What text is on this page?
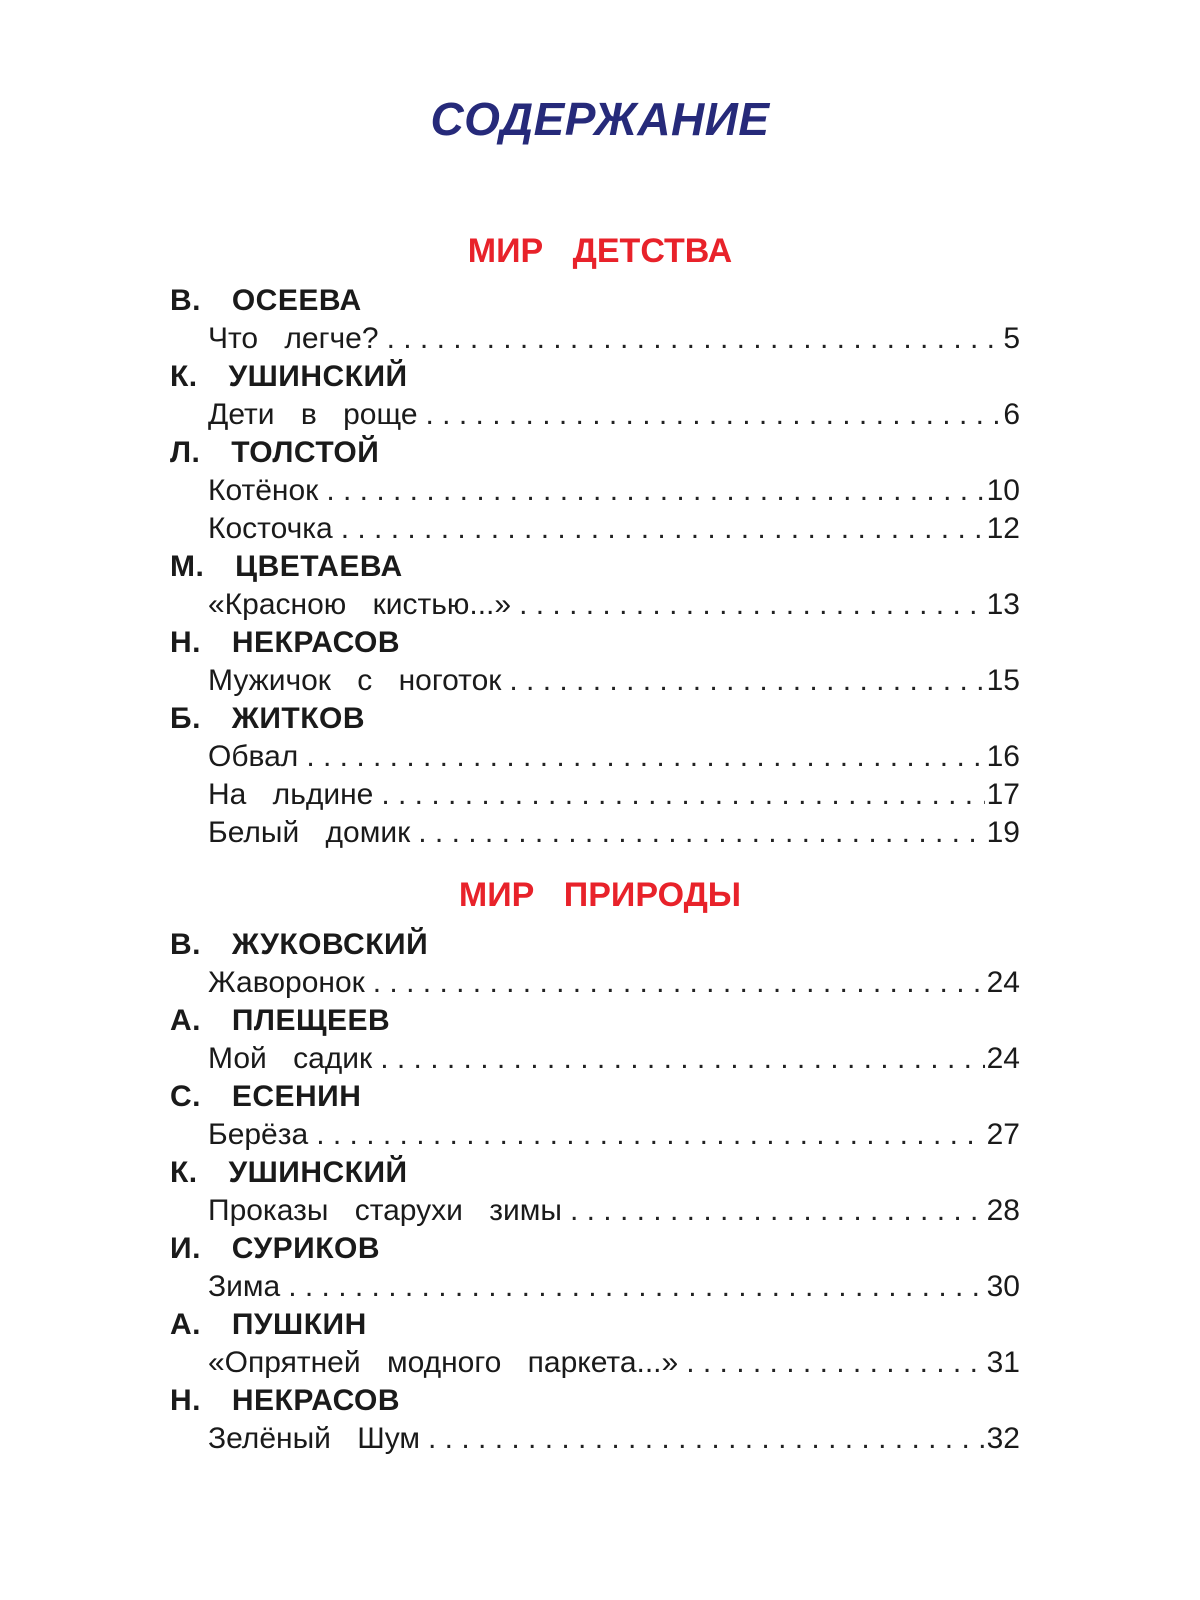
СОДЕРЖАНИЕ
МИР ДЕТСТВА
В. ОСЕЕВА
Что легче? . . .	5
К. УШИНСКИЙ
Дети в роще . . .	6
Л. ТОЛСТОЙ
Котёнок . . .	10
Косточка . . .	12
М. ЦВЕТАЕВА
«Красною кистью...» . . .	13
Н. НЕКРАСОВ
Мужичок с ноготок . . .	15
Б. ЖИТКОВ
Обвал . . .	16
На льдине . . .	17
Белый домик . . .	19
МИР ПРИРОДЫ
В. ЖУКОВСКИЙ
Жаворонок . . .	24
А. ПЛЕЩЕЕВ
Мой садик . . .	24
С. ЕСЕНИН
Берёза . . .	27
К. УШИНСКИЙ
Проказы старухи зимы . . .	28
И. СУРИКОВ
Зима . . .	30
А. ПУШКИН
«Опрятней модного паркета...» . . .	31
Н. НЕКРАСОВ
Зелёный Шум . . .	32
